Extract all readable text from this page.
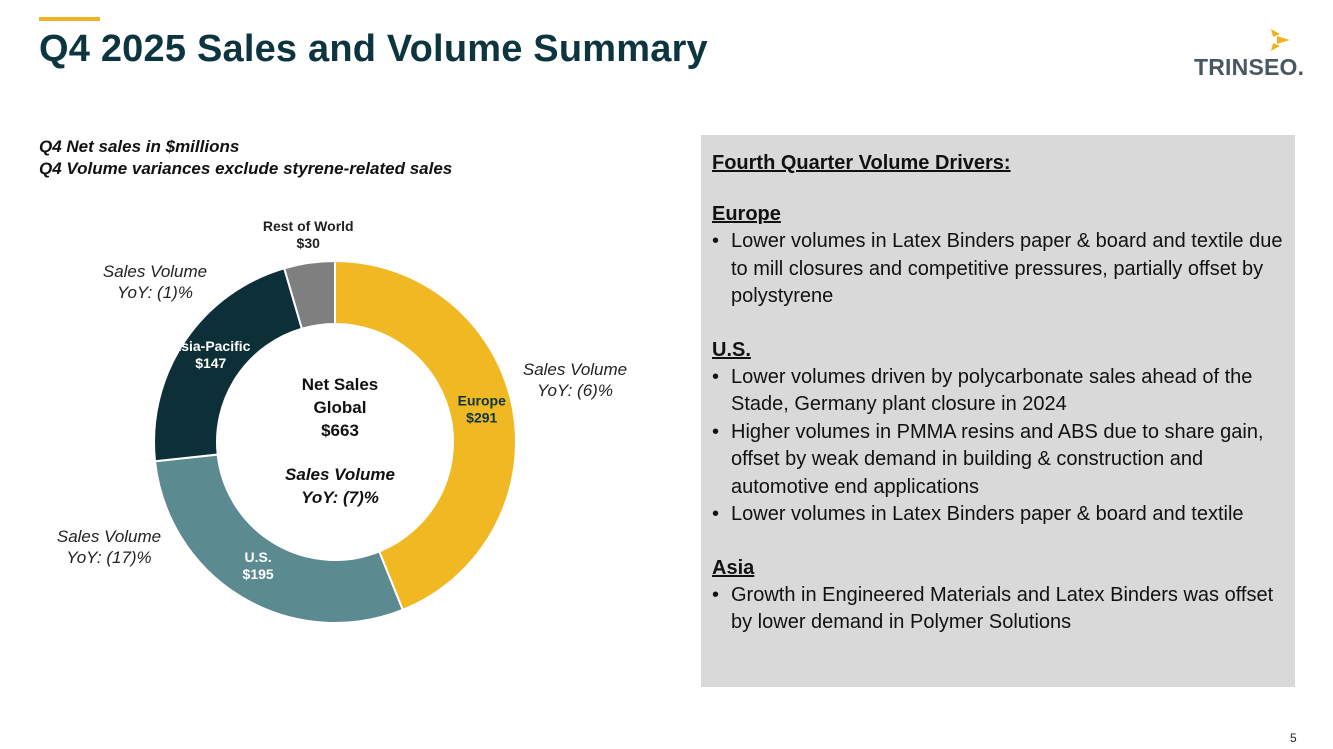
Q4 2025 Sales and Volume Summary	TRINSEO.
Q4 Net sales in $millions
Q4 Volume variances exclude styrene-related sales
Europe
$291
U.S.
$195
Asia-Pacific
$147
Rest of World
$30
Net Sales
Global
$663
Sales Volume
YoY: (7)%
Sales Volume
YoY: (1)%
Sales Volume
YoY: (6)%
Sales Volume
YoY: (17)%

Fourth Quarter Volume Drivers:

Europe

• Lower volumes in Latex Binders paper & board and textile due to mill closures and competitive pressures, partially offset by polystyrene

U.S.

• Lower volumes driven by polycarbonate sales ahead of the Stade, Germany plant closure in 2024
• Higher volumes in PMMA resins and ABS due to share gain, offset by weak demand in building & construction and automotive end applications
• Lower volumes in Latex Binders paper & board and textile

Asia

• Growth in Engineered Materials and Latex Binders was offset by lower demand in Polymer Solutions
5
